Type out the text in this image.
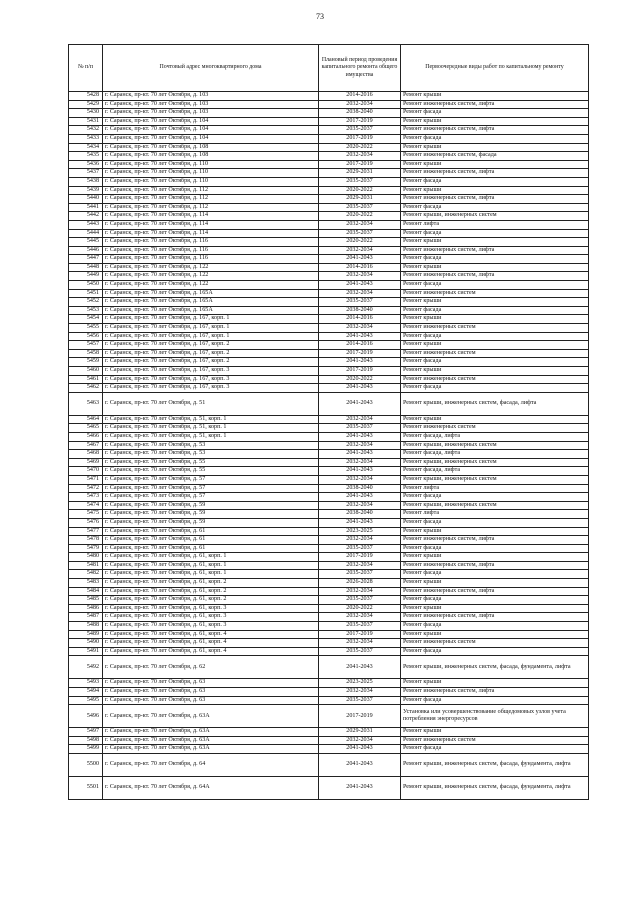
73
№ п/п	Почтовый адрес многоквартирного дома	Плановый период проведения капитального ремонта общего имущества	Первоочередные виды работ по капитальному ремонту
5428	г. Саранск, пр-кт. 70 лет Октября, д. 103	2014-2016	Ремонт крыши
5429	г. Саранск, пр-кт. 70 лет Октября, д. 103	2032-2034	Ремонт инженерных систем, лифта
5430	г. Саранск, пр-кт. 70 лет Октября, д. 103	2038-2040	Ремонт фасада
5431	г. Саранск, пр-кт. 70 лет Октября, д. 104	2017-2019	Ремонт крыши
5432	г. Саранск, пр-кт. 70 лет Октября, д. 104	2035-2037	Ремонт инженерных систем, лифта
5433	г. Саранск, пр-кт. 70 лет Октября, д. 104	2017-2019	Ремонт фасада
5434	г. Саранск, пр-кт. 70 лет Октября, д. 108	2020-2022	Ремонт крыши
5435	г. Саранск, пр-кт. 70 лет Октября, д. 108	2032-2034	Ремонт инженерных систем, фасада
5436	г. Саранск, пр-кт. 70 лет Октября, д. 110	2017-2019	Ремонт крыши
5437	г. Саранск, пр-кт. 70 лет Октября, д. 110	2029-2031	Ремонт инженерных систем, лифта
5438	г. Саранск, пр-кт. 70 лет Октября, д. 110	2035-2037	Ремонт фасада
5439	г. Саранск, пр-кт. 70 лет Октября, д. 112	2020-2022	Ремонт крыши
5440	г. Саранск, пр-кт. 70 лет Октября, д. 112	2029-2031	Ремонт инженерных систем, лифта
5441	г. Саранск, пр-кт. 70 лет Октября, д. 112	2035-2037	Ремонт фасада
5442	г. Саранск, пр-кт. 70 лет Октября, д. 114	2020-2022	Ремонт крыши, инженерных систем
5443	г. Саранск, пр-кт. 70 лет Октября, д. 114	2032-2034	Ремонт лифта
5444	г. Саранск, пр-кт. 70 лет Октября, д. 114	2035-2037	Ремонт фасада
5445	г. Саранск, пр-кт. 70 лет Октября, д. 116	2020-2022	Ремонт крыши
5446	г. Саранск, пр-кт. 70 лет Октября, д. 116	2032-2034	Ремонт инженерных систем, лифта
5447	г. Саранск, пр-кт. 70 лет Октября, д. 116	2041-2043	Ремонт фасада
5448	г. Саранск, пр-кт. 70 лет Октября, д. 122	2014-2016	Ремонт крыши
5449	г. Саранск, пр-кт. 70 лет Октября, д. 122	2032-2034	Ремонт инженерных систем, лифта
5450	г. Саранск, пр-кт. 70 лет Октября, д. 122	2041-2043	Ремонт фасада
5451	г. Саранск, пр-кт. 70 лет Октября, д. 165А	2032-2034	Ремонт инженерных систем
5452	г. Саранск, пр-кт. 70 лет Октября, д. 165А	2035-2037	Ремонт крыши
5453	г. Саранск, пр-кт. 70 лет Октября, д. 165А	2038-2040	Ремонт фасада
5454	г. Саранск, пр-кт. 70 лет Октября, д. 167, корп. 1	2014-2016	Ремонт крыши
5455	г. Саранск, пр-кт. 70 лет Октября, д. 167, корп. 1	2032-2034	Ремонт инженерных систем
5456	г. Саранск, пр-кт. 70 лет Октября, д. 167, корп. 1	2041-2043	Ремонт фасада
5457	г. Саранск, пр-кт. 70 лет Октября, д. 167, корп. 2	2014-2016	Ремонт крыши
5458	г. Саранск, пр-кт. 70 лет Октября, д. 167, корп. 2	2017-2019	Ремонт инженерных систем
5459	г. Саранск, пр-кт. 70 лет Октября, д. 167, корп. 2	2041-2043	Ремонт фасада
5460	г. Саранск, пр-кт. 70 лет Октября, д. 167, корп. 3	2017-2019	Ремонт крыши
5461	г. Саранск, пр-кт. 70 лет Октября, д. 167, корп. 3	2020-2022	Ремонт инженерных систем
5462	г. Саранск, пр-кт. 70 лет Октября, д. 167, корп. 3	2041-2043	Ремонт фасада
5463	г. Саранск, пр-кт. 70 лет Октября, д. 51	2041-2043	Ремонт крыши, инженерных систем, фасада, лифта
5464	г. Саранск, пр-кт. 70 лет Октября, д. 51, корп. 1	2032-2034	Ремонт крыши
5465	г. Саранск, пр-кт. 70 лет Октября, д. 51, корп. 1	2035-2037	Ремонт инженерных систем
5466	г. Саранск, пр-кт. 70 лет Октября, д. 51, корп. 1	2041-2043	Ремонт фасада, лифта
5467	г. Саранск, пр-кт. 70 лет Октября, д. 53	2032-2034	Ремонт крыши, инженерных систем
5468	г. Саранск, пр-кт. 70 лет Октября, д. 53	2041-2043	Ремонт фасада, лифта
5469	г. Саранск, пр-кт. 70 лет Октября, д. 55	2032-2034	Ремонт крыши, инженерных систем
5470	г. Саранск, пр-кт. 70 лет Октября, д. 55	2041-2043	Ремонт фасада, лифта
5471	г. Саранск, пр-кт. 70 лет Октября, д. 57	2032-2034	Ремонт крыши, инженерных систем
5472	г. Саранск, пр-кт. 70 лет Октября, д. 57	2038-2040	Ремонт лифта
5473	г. Саранск, пр-кт. 70 лет Октября, д. 57	2041-2043	Ремонт фасада
5474	г. Саранск, пр-кт. 70 лет Октября, д. 59	2032-2034	Ремонт крыши, инженерных систем
5475	г. Саранск, пр-кт. 70 лет Октября, д. 59	2038-2040	Ремонт лифта
5476	г. Саранск, пр-кт. 70 лет Октября, д. 59	2041-2043	Ремонт фасада
5477	г. Саранск, пр-кт. 70 лет Октября, д. 61	2023-2025	Ремонт крыши
5478	г. Саранск, пр-кт. 70 лет Октября, д. 61	2032-2034	Ремонт инженерных систем, лифта
5479	г. Саранск, пр-кт. 70 лет Октября, д. 61	2035-2037	Ремонт фасада
5480	г. Саранск, пр-кт. 70 лет Октября, д. 61, корп. 1	2017-2019	Ремонт крыши
5481	г. Саранск, пр-кт. 70 лет Октября, д. 61, корп. 1	2032-2034	Ремонт инженерных систем, лифта
5482	г. Саранск, пр-кт. 70 лет Октября, д. 61, корп. 1	2035-2037	Ремонт фасада
5483	г. Саранск, пр-кт. 70 лет Октября, д. 61, корп. 2	2026-2028	Ремонт крыши
5484	г. Саранск, пр-кт. 70 лет Октября, д. 61, корп. 2	2032-2034	Ремонт инженерных систем, лифта
5485	г. Саранск, пр-кт. 70 лет Октября, д. 61, корп. 2	2035-2037	Ремонт фасада
5486	г. Саранск, пр-кт. 70 лет Октября, д. 61, корп. 3	2020-2022	Ремонт крыши
5487	г. Саранск, пр-кт. 70 лет Октября, д. 61, корп. 3	2032-2034	Ремонт инженерных систем, лифта
5488	г. Саранск, пр-кт. 70 лет Октября, д. 61, корп. 3	2035-2037	Ремонт фасада
5489	г. Саранск, пр-кт. 70 лет Октября, д. 61, корп. 4	2017-2019	Ремонт крыши
5490	г. Саранск, пр-кт. 70 лет Октября, д. 61, корп. 4	2032-2034	Ремонт инженерных систем
5491	г. Саранск, пр-кт. 70 лет Октября, д. 61, корп. 4	2035-2037	Ремонт фасада
5492	г. Саранск, пр-кт. 70 лет Октября, д. 62	2041-2043	Ремонт крыши, инженерных систем, фасада, фундамента, лифта
5493	г. Саранск, пр-кт. 70 лет Октября, д. 63	2023-2025	Ремонт крыши
5494	г. Саранск, пр-кт. 70 лет Октября, д. 63	2032-2034	Ремонт инженерных систем, лифта
5495	г. Саранск, пр-кт. 70 лет Октября, д. 63	2035-2037	Ремонт фасада
5496	г. Саранск, пр-кт. 70 лет Октября, д. 63А	2017-2019	Установка или усовершенствование общедомовых узлов учета потребления энергоресурсов
5497	г. Саранск, пр-кт. 70 лет Октября, д. 63А	2029-2031	Ремонт крыши
5498	г. Саранск, пр-кт. 70 лет Октября, д. 63А	2032-2034	Ремонт инженерных систем
5499	г. Саранск, пр-кт. 70 лет Октября, д. 63А	2041-2043	Ремонт фасада
5500	г. Саранск, пр-кт. 70 лет Октября, д. 64	2041-2043	Ремонт крыши, инженерных систем, фасада, фундамента, лифта
5501	г. Саранск, пр-кт. 70 лет Октября, д. 64А	2041-2043	Ремонт крыши, инженерных систем, фасада, фундамента, лифта
